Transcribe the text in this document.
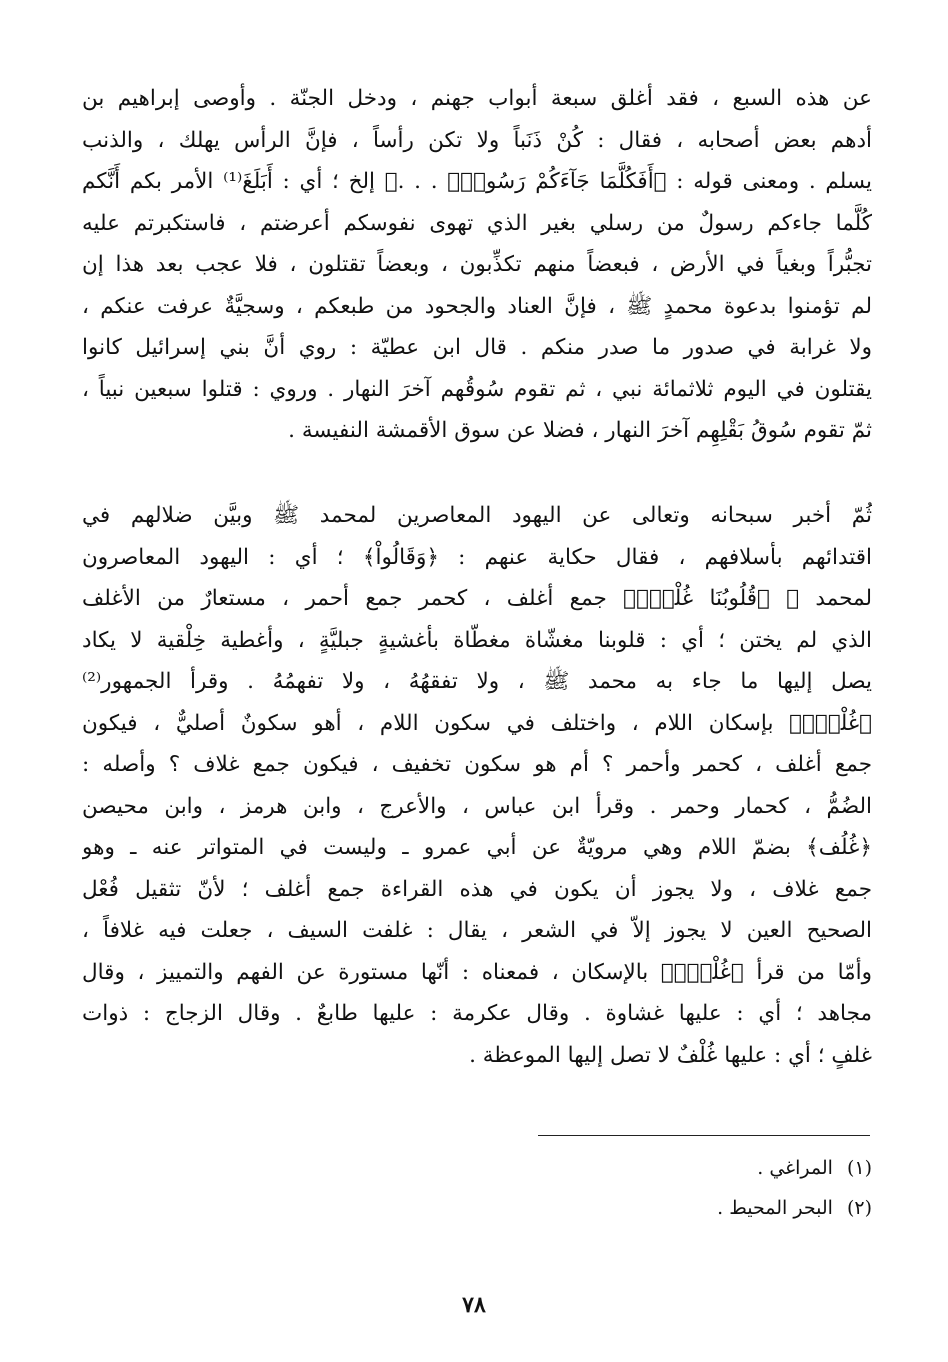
عن هذه السبع ، فقد أغلق سبعة أبواب جهنم ، ودخل الجنّة . وأوصى إبراهيم بن
أدهم بعض أصحابه ، فقال : كُنْ ذَنَباً ولا تكن رأساً ، فإنَّ الرأس يهلك ، والذنب
يسلم . ومعنى قوله : ﴿أَفَكُلَّمَا جَآءَكُمْ رَسُولُۢ . . .﴾ إلخ ؛ أي : أَبَلَغَ⁽¹⁾ الأمر بكم أَنَّكم
كُلَّما جاءكم رسولٌ من رسلي بغير الذي تهوى نفوسكم أعرضتم ، فاستكبرتم عليه
تجبُّراً وبغياً في الأرض ، فبعضاً منهم تكذِّبون ، وبعضاً تقتلون ، فلا عجب بعد هذا إن
لم تؤمنوا بدعوة محمدٍ ﷺ ، فإنَّ العناد والجحود من طبعكم ، وسجيَّةٌ عرفت عنكم ،
ولا غرابة في صدور ما صدر منكم . قال ابن عطيّة : روي أنَّ بني إسرائيل كانوا
يقتلون في اليوم ثلاثمائة نبي ، ثم تقوم سُوقُهم آخرَ النهار . وروي : قتلوا سبعين نبياً ،
ثمّ تقوم سُوقُ بَقْلِهِم آخرَ النهار ، فضلا عن سوق الأقمشة النفيسة .
ثُمّ أخبر سبحانه وتعالى عن اليهود المعاصرين لمحمد ﷺ وبيَّن ضلالهم في
اقتدائهم بأسلافهم ، فقال حكاية عنهم : ﴿وَقَالُواْ﴾ ؛ أي : اليهود المعاصرون
لمحمد ﷺ ﴿قُلُوبُنَا غُلْفٌۢ﴾ جمع أغلف ، كحمر جمع أحمر ، مستعارٌ من الأغلف
الذي لم يختن ؛ أي : قلوبنا مغشّاة مغطّاة بأغشيةٍ جبليَّةٍ ، وأغطية خِلْقية لا يكاد
يصل إليها ما جاء به محمد ﷺ ، ولا تفقهُهُ ، ولا تفهمُهُ . وقرأ الجمهور⁽²⁾
﴿غُلْفٌۢ﴾ بإسكان اللام ، واختلف في سكون اللام ، أهو سكونٌ أصليٌّ ، فيكون
جمع أغلف ، كحمر وأحمر ؟ أم هو سكون تخفيف ، فيكون جمع غلاف ؟ وأصله :
الضُمُّ ، كحمار وحمر . وقرأ ابن عباس ، والأعرج ، وابن هرمز ، وابن محيصن
﴿غُلُف﴾ بضمّ اللام وهي مرويّةٌ عن أبي عمرو ـ وليست في المتواتر عنه ـ وهو
جمع غلاف ، ولا يجوز أن يكون في هذه القراءة جمع أغلف ؛ لأنّ تثقيل فُعْل
الصحيح العين لا يجوز إلاّ في الشعر ، يقال : غلفت السيف ، جعلت فيه غلافاً ،
وأمّا من قرأ ﴿غُلْفٌۢ﴾ بالإسكان ، فمعناه : أنّها مستورة عن الفهم والتمييز ، وقال
مجاهد ؛ أي : عليها غشاوة . وقال عكرمة : عليها طابعٌ . وقال الزجاج : ذوات
غلفٍ ؛ أي : عليها غُلْفٌ لا تصل إليها الموعظة .
(١)المراغي .
(٢)البحر المحيط .
٧٨
